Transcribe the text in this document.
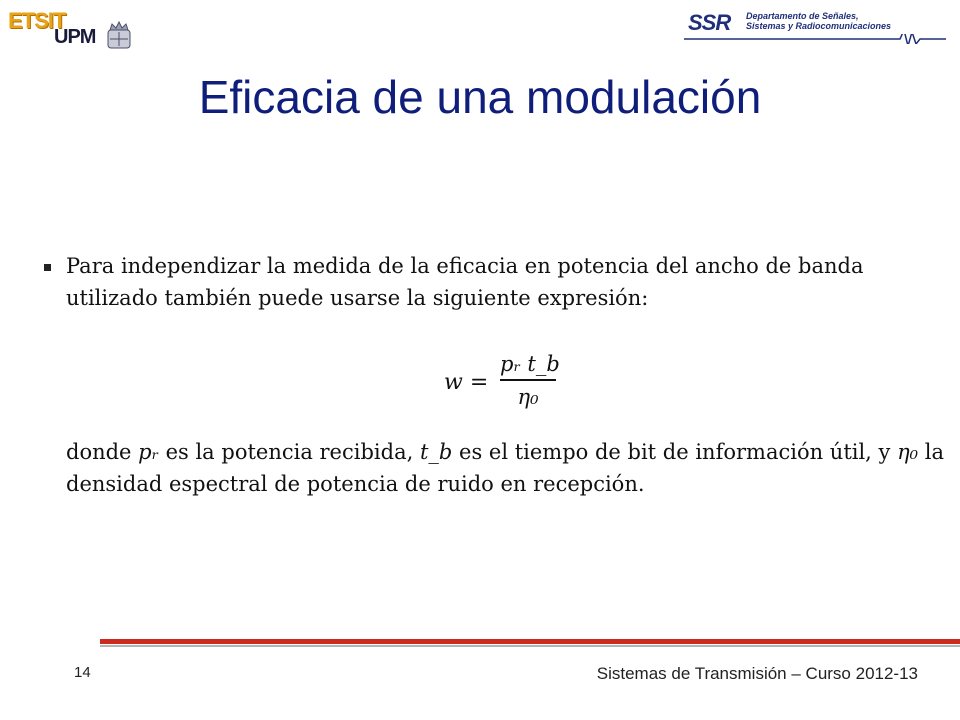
ETSIT
UPM
SSR Departamento de Señales,
Sistemas y Radiocomunicaciones
Eficacia de una modulación

Para independizar la medida de la eficacia en potencia del ancho de banda utilizado también puede usarse la siguiente expresión:

w =
pᵣ t_b
η₀

donde pᵣ es la potencia recibida, t_b es el tiempo de bit de información útil, y η₀ la densidad espectral de potencia de ruido en recepción.

14	Sistemas de Transmisión – Curso 2012-13
